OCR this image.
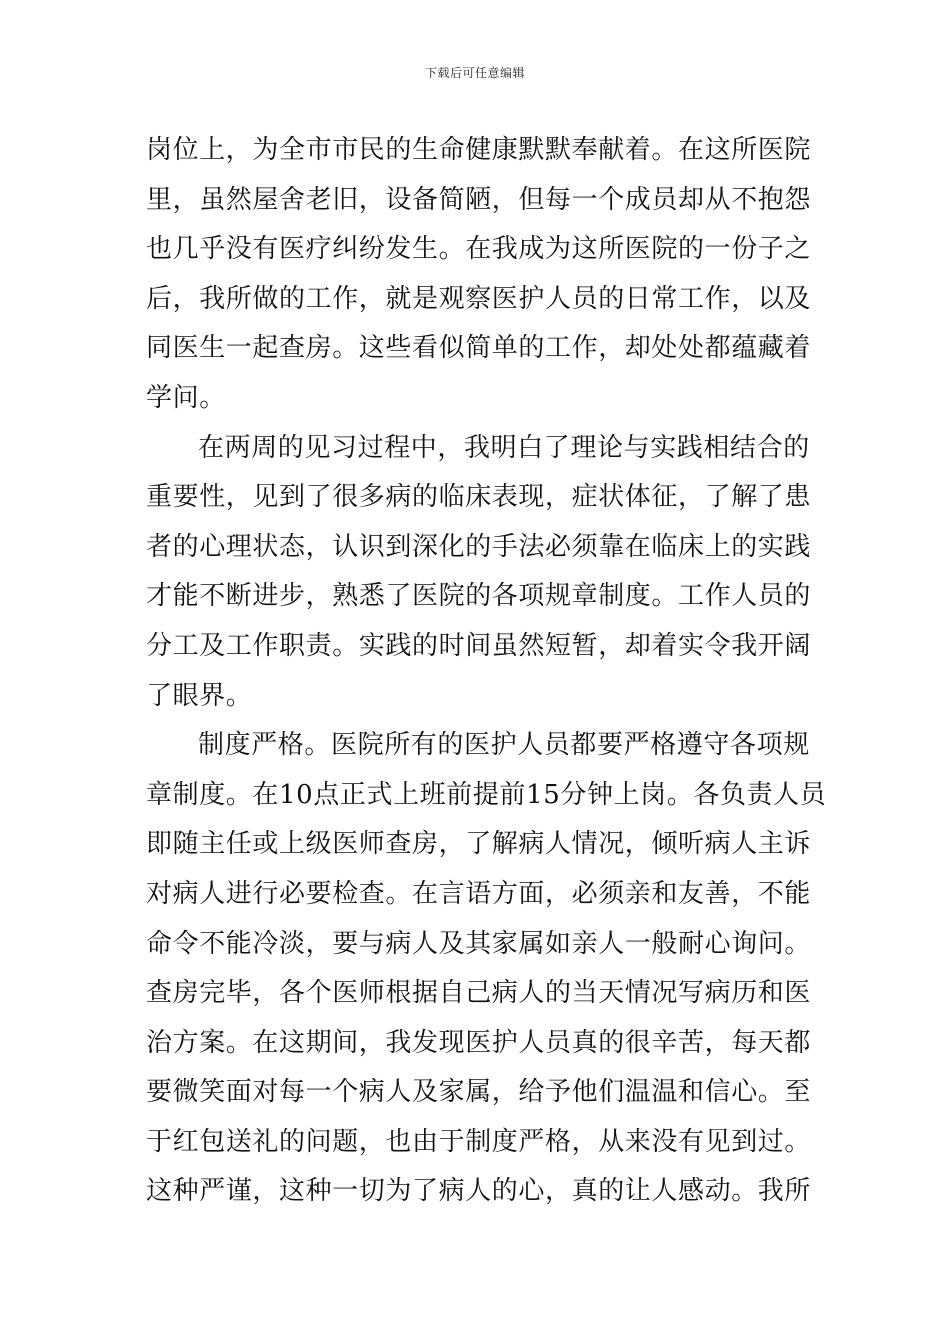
下载后可任意编辑
岗位上，为全市市民的生命健康默默奉献着。在这所医院
里，虽然屋舍老旧，设备简陋，但每一个成员却从不抱怨
也几乎没有医疗纠纷发生。在我成为这所医院的一份子之
后，我所做的工作，就是观察医护人员的日常工作，以及
同医生一起查房。这些看似简单的工作，却处处都蕴藏着
学问。
在两周的见习过程中，我明白了理论与实践相结合的
重要性，见到了很多病的临床表现，症状体征，了解了患
者的心理状态，认识到深化的手法必须靠在临床上的实践
才能不断进步，熟悉了医院的各项规章制度。工作人员的
分工及工作职责。实践的时间虽然短暂，却着实令我开阔
了眼界。
制度严格。医院所有的医护人员都要严格遵守各项规
章制度。在10点正式上班前提前15分钟上岗。各负责人员
即随主任或上级医师查房，了解病人情况，倾听病人主诉
对病人进行必要检查。在言语方面，必须亲和友善，不能
命令不能冷淡，要与病人及其家属如亲人一般耐心询问。
查房完毕，各个医师根据自己病人的当天情况写病历和医
治方案。在这期间，我发现医护人员真的很辛苦，每天都
要微笑面对每一个病人及家属，给予他们温温和信心。至
于红包送礼的问题，也由于制度严格，从来没有见到过。
这种严谨，这种一切为了病人的心，真的让人感动。我所
